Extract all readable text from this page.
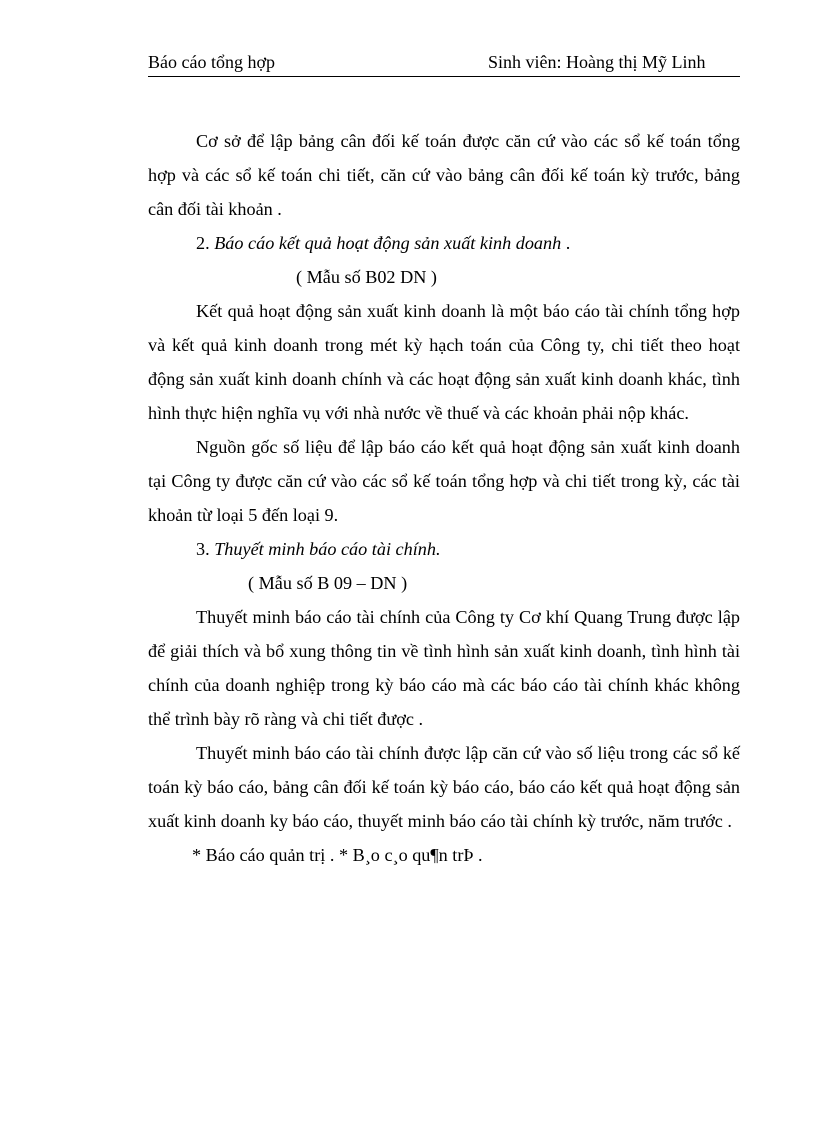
Báo cáo tổng hợp	Sinh viên: Hoàng thị Mỹ Linh

Cơ sở để lập bảng cân đối kế toán được căn cứ vào các sổ kế toán tổng hợp và các sổ kế toán chi tiết, căn cứ vào bảng cân đối kế toán kỳ trước, bảng cân đối tài khoản .

2. Báo cáo kết quả hoạt động sản xuất kinh doanh .

( Mẫu số B02 DN )

Kết quả hoạt động sản xuất kinh doanh là một báo cáo tài chính tổng hợp và kết quả kinh doanh trong mét kỳ hạch toán của Công ty, chi tiết theo hoạt động sản xuất kinh doanh chính và các hoạt động sản xuất kinh doanh khác, tình hình thực hiện nghĩa vụ với nhà nước về thuế và các khoản phải nộp khác.

Nguồn gốc số liệu để lập báo cáo kết quả hoạt động sản xuất kinh doanh tại Công ty được căn cứ vào các sổ kế toán tổng hợp và chi tiết trong kỳ, các tài khoản từ loại 5 đến loại 9.

3. Thuyết minh báo cáo tài chính.

( Mẫu số B 09 – DN )

Thuyết minh báo cáo tài chính của Công ty Cơ khí Quang Trung được lập để giải thích và bổ xung thông tin về tình hình sản xuất kinh doanh, tình hình tài chính của doanh nghiệp trong kỳ báo cáo mà các báo cáo tài chính khác không thể trình bày rõ ràng và chi tiết được .

Thuyết minh báo cáo tài chính được lập căn cứ vào số liệu trong các sổ kế toán kỳ báo cáo, bảng cân đối kế toán kỳ báo cáo, báo cáo kết quả hoạt động sản xuất kinh doanh ky báo cáo, thuyết minh báo cáo tài chính kỳ trước, năm trước .

* Báo cáo quản trị . * B¸o c¸o qu¶n trÞ .
